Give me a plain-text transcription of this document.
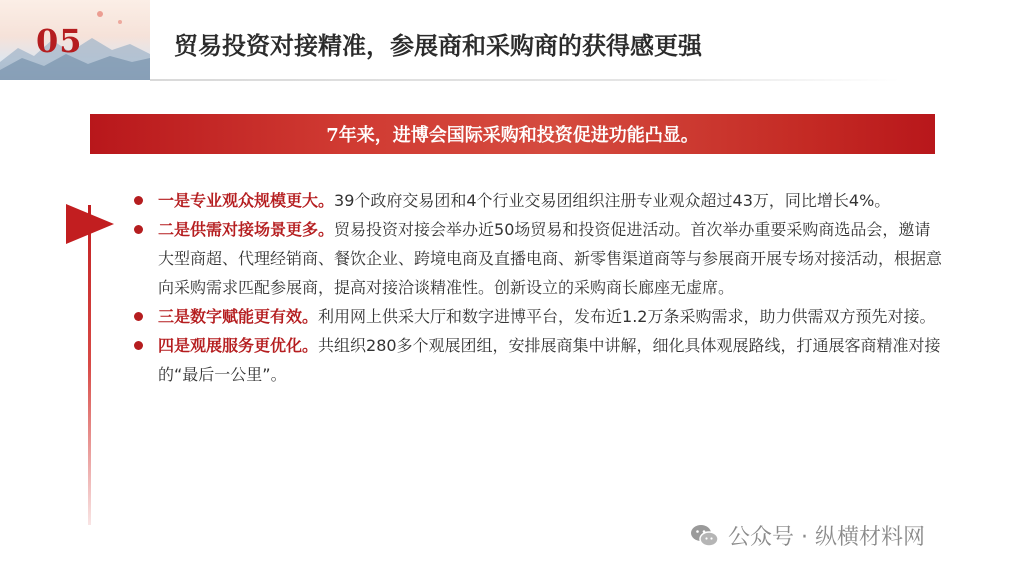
05	贸易投资对接精准，参展商和采购商的获得感更强
7年来，进博会国际采购和投资促进功能凸显。
一是专业观众规模更大。39个政府交易团和4个行业交易团组织注册专业观众超过43万，同比增长4%。
二是供需对接场景更多。贸易投资对接会举办近50场贸易和投资促进活动。首次举办重要采购商选品会，邀请大型商超、代理经销商、餐饮企业、跨境电商及直播电商、新零售渠道商等与参展商开展专场对接活动，根据意向采购需求匹配参展商，提高对接洽谈精准性。创新设立的采购商长廊座无虚席。
三是数字赋能更有效。利用网上供采大厅和数字进博平台，发布近1.2万条采购需求，助力供需双方预先对接。
四是观展服务更优化。共组织280多个观展团组，安排展商集中讲解，细化具体观展路线，打通展客商精准对接的“最后一公里”。
公众号 · 纵横材料网
